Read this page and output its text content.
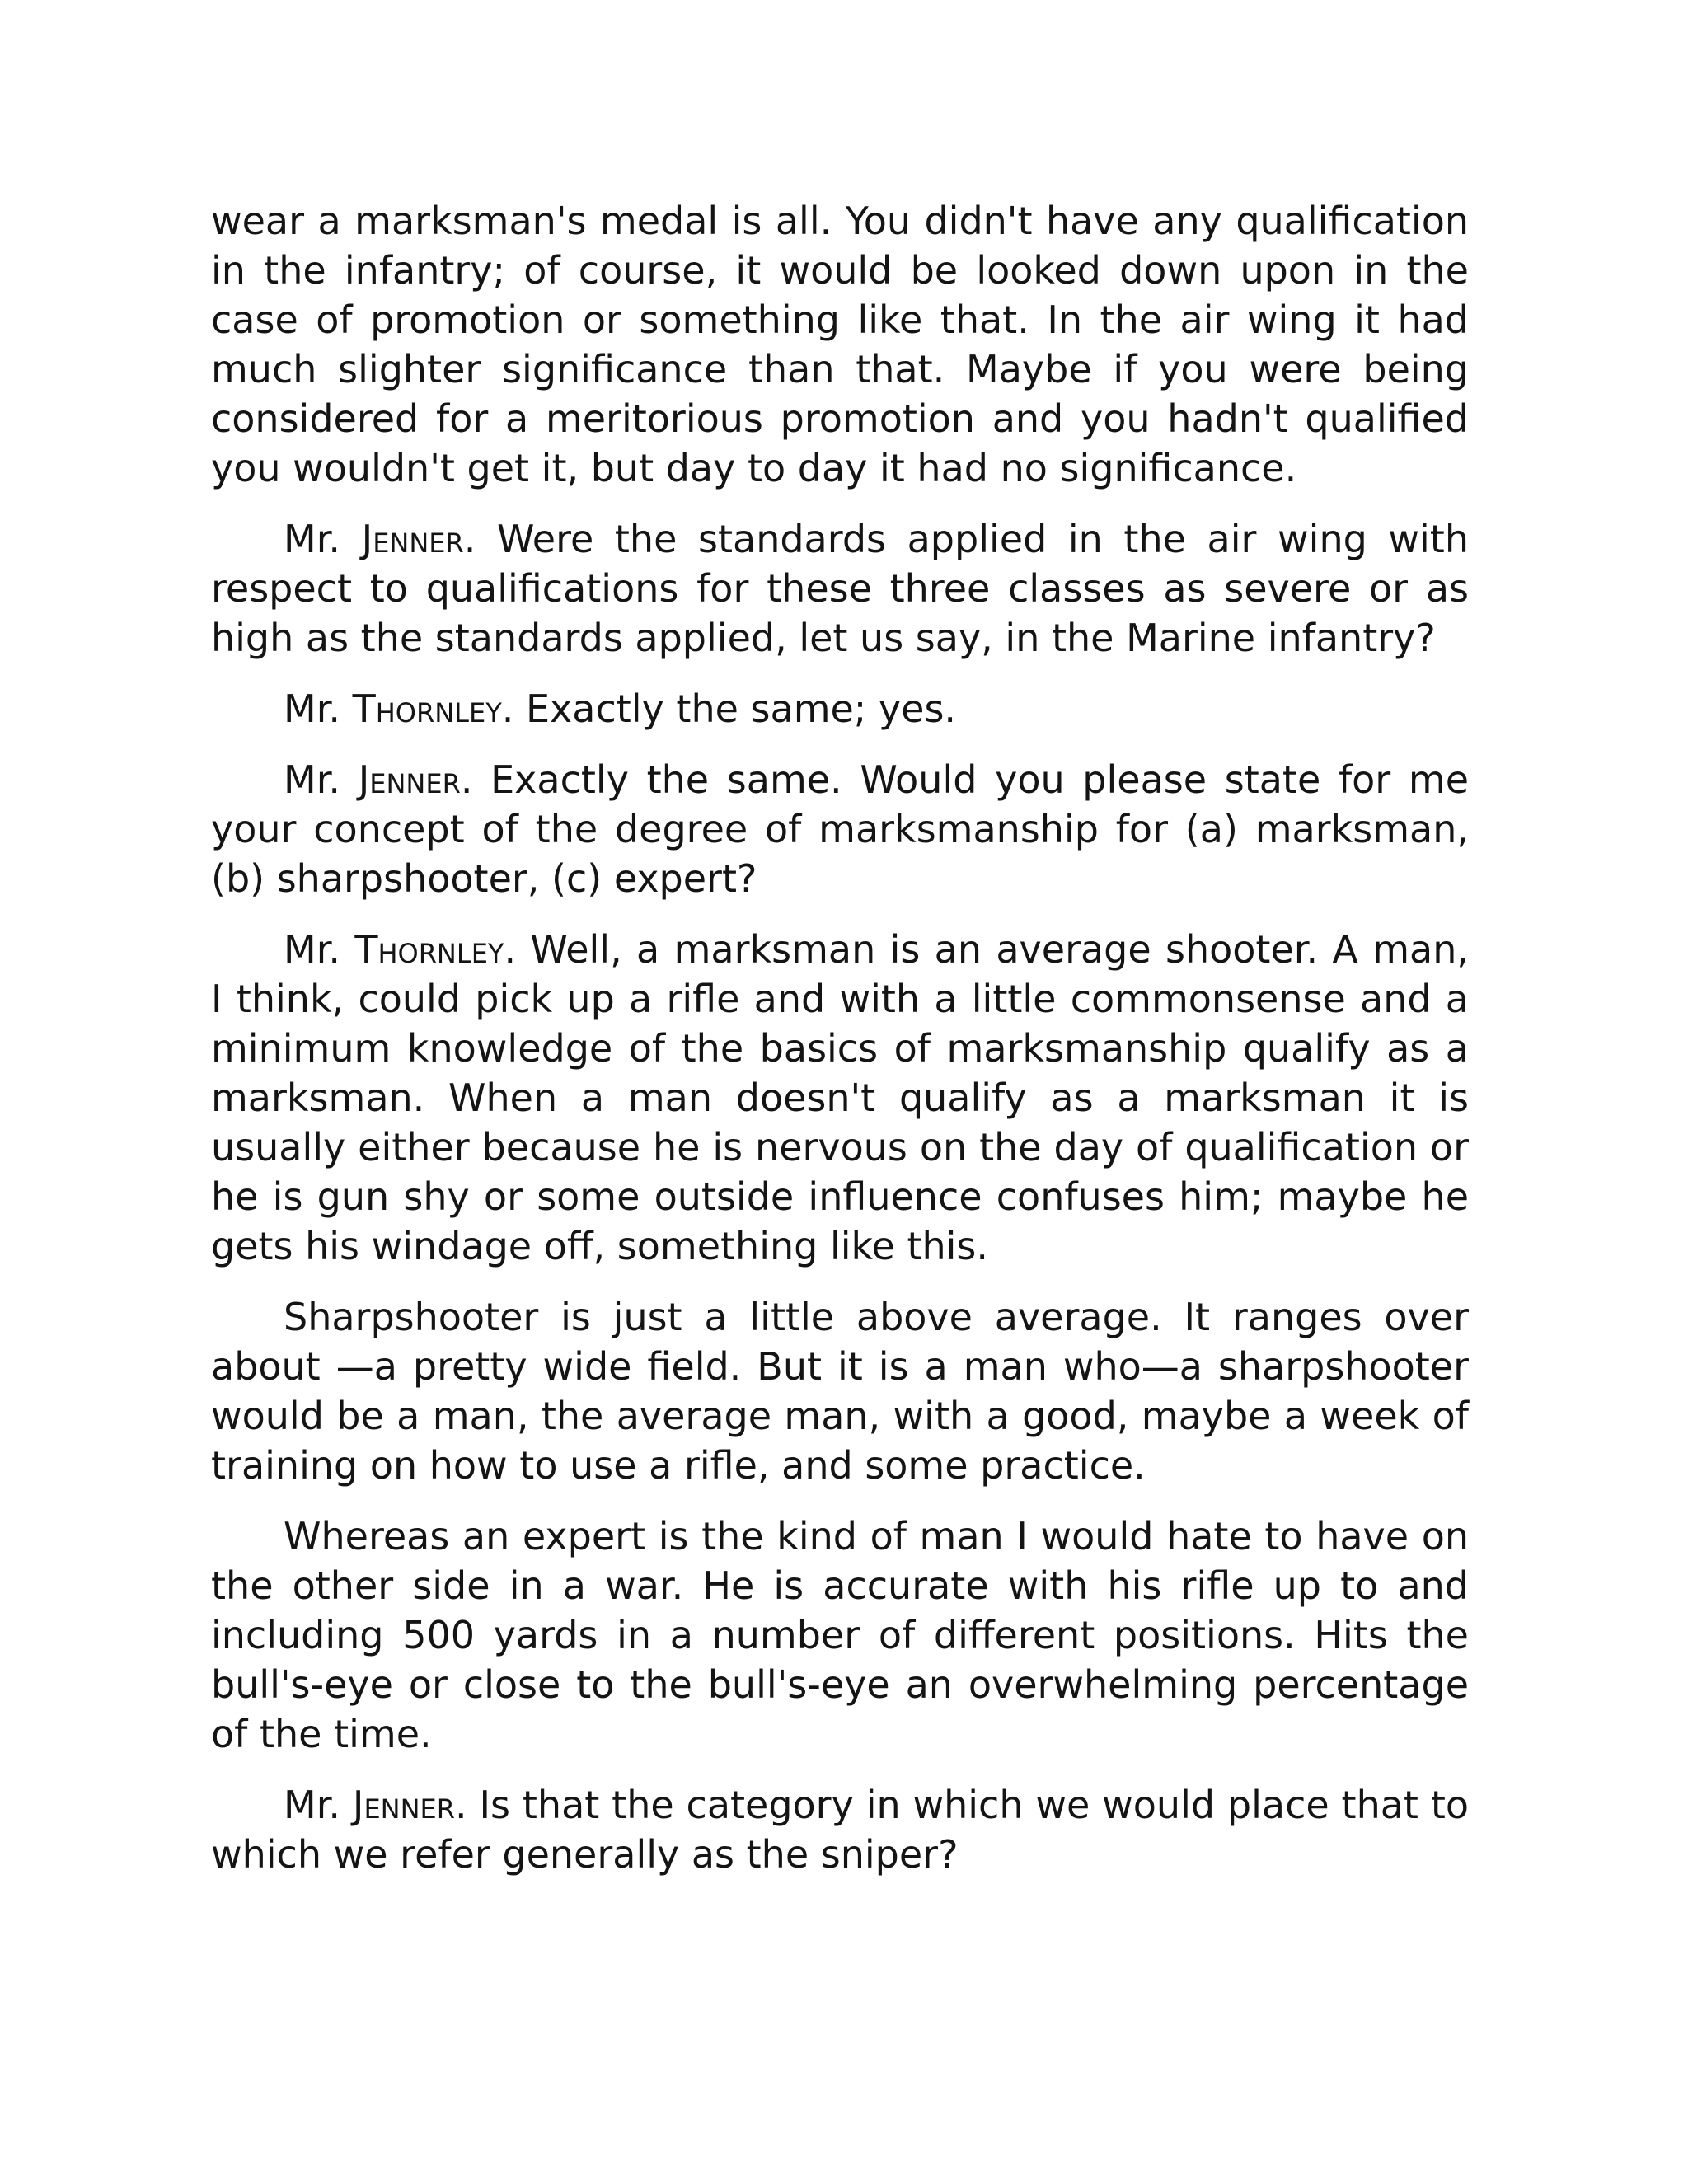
wear a marksman's medal is all. You didn't have any qualification in the infantry; of course, it would be looked down upon in the case of promotion or something like that. In the air wing it had much slighter significance than that. Maybe if you were being considered for a meritorious promotion and you hadn't qualified you wouldn't get it, but day to day it had no significance.

Mr. Jenner. Were the standards applied in the air wing with respect to qualifications for these three classes as severe or as high as the standards applied, let us say, in the Marine infantry?

Mr. Thornley. Exactly the same; yes.

Mr. Jenner. Exactly the same. Would you please state for me your concept of the degree of marksmanship for (a) marksman, (b) sharpshooter, (c) expert?

Mr. Thornley. Well, a marksman is an average shooter. A man, I think, could pick up a rifle and with a little commonsense and a minimum knowledge of the basics of marksmanship qualify as a marksman. When a man doesn't qualify as a marksman it is usually either because he is nervous on the day of qualification or he is gun shy or some outside influence confuses him; maybe he gets his windage off, something like this.

Sharpshooter is just a little above average. It ranges over about —a pretty wide field. But it is a man who—a sharpshooter would be a man, the average man, with a good, maybe a week of training on how to use a rifle, and some practice.

Whereas an expert is the kind of man I would hate to have on the other side in a war. He is accurate with his rifle up to and including 500 yards in a number of different positions. Hits the bull's-eye or close to the bull's-eye an overwhelming percentage of the time.

Mr. Jenner. Is that the category in which we would place that to which we refer generally as the sniper?
